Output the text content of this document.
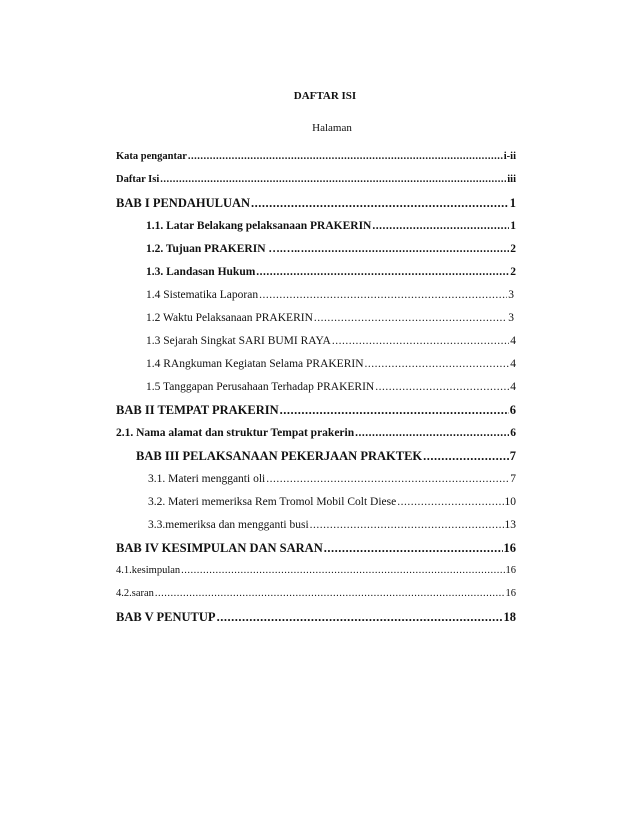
DAFTAR ISI
Halaman
Kata pengantar .....	i-ii
Daftar Isi .....	iii
BAB I PENDAHULUAN .....	1
1.1. Latar Belakang pelaksanaan PRAKERIN .....	1
1.2. Tujuan PRAKERIN ….….. .....	2
1.3. Landasan Hukum .....	2
1.4 Sistematika Laporan .....	3
1.2 Waktu Pelaksanaan PRAKERIN .....	3
1.3 Sejarah Singkat SARI BUMI RAYA .....	4
1.4 RAngkuman Kegiatan Selama PRAKERIN .....	4
1.5 Tanggapan Perusahaan Terhadap PRAKERIN .....	4
BAB II TEMPAT PRAKERIN .....	6
2.1. Nama alamat dan struktur Tempat prakerin .....	6
BAB III PELAKSANAAN PEKERJAAN PRAKTEK .....	7
3.1. Materi mengganti oli .....	7
3.2. Materi memeriksa Rem Tromol Mobil Colt Diese .....	10
3.3.memeriksa dan mengganti busi .....	13
BAB IV KESIMPULAN DAN SARAN .....	16
4.1.kesimpulan .....	16
4.2.saran .....	16
BAB V PENUTUP .....	18
